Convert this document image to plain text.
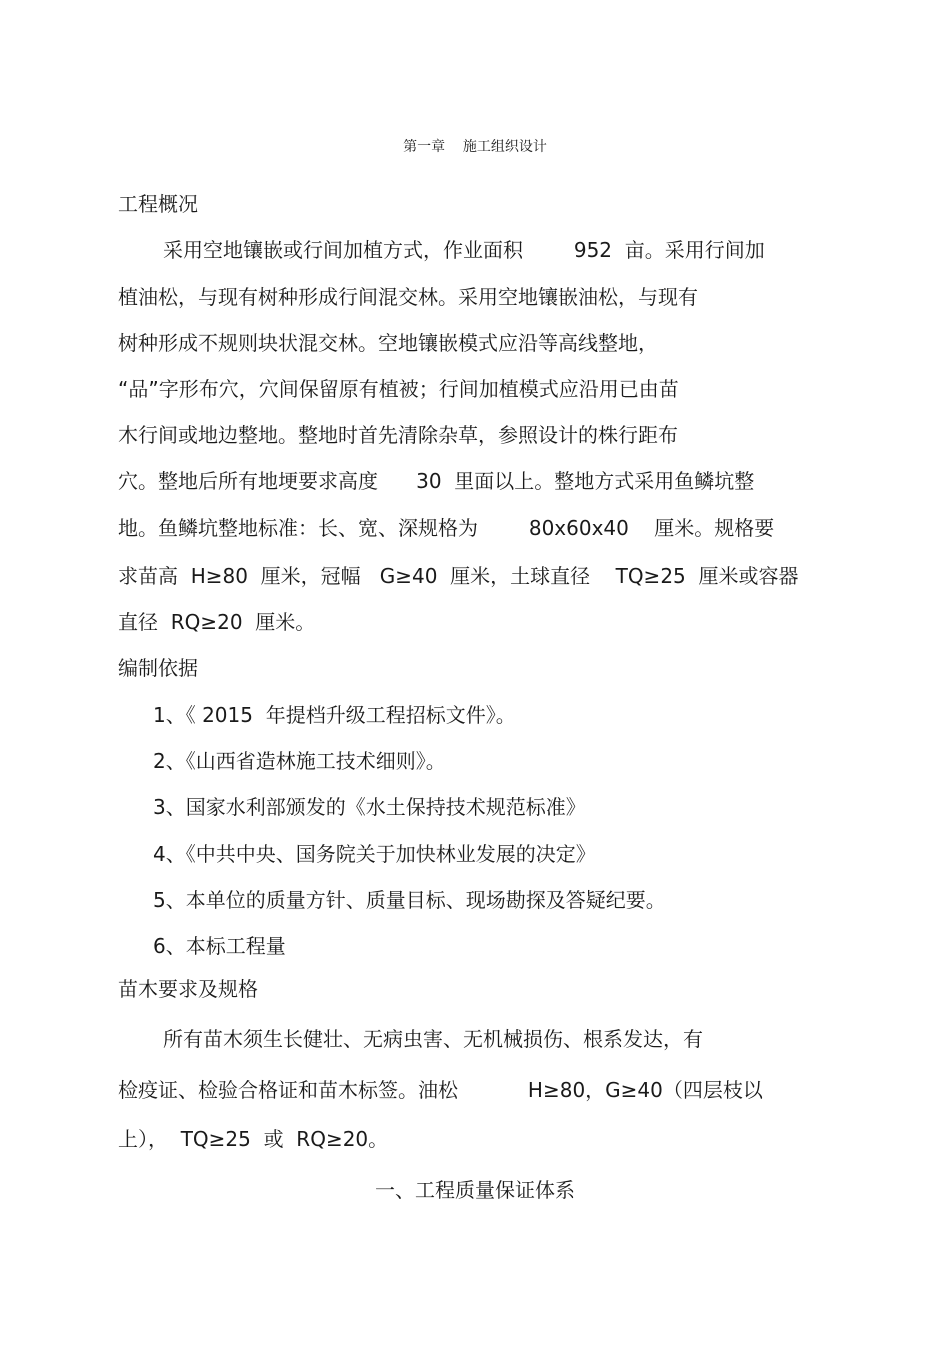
第一章    施工组织设计
工程概况
采用空地镶嵌或行间加植方式，作业面积        952  亩。采用行间加
植油松，与现有树种形成行间混交林。采用空地镶嵌油松，与现有
树种形成不规则块状混交林。空地镶嵌模式应沿等高线整地，
“品”字形布穴，穴间保留原有植被；行间加植模式应沿用已由苗
木行间或地边整地。整地时首先清除杂草，参照设计的株行距布
穴。整地后所有地埂要求高度      30  里面以上。整地方式采用鱼鳞坑整
地。鱼鳞坑整地标准：长、宽、深规格为        80x60x40    厘米。规格要
求苗高  H≥80  厘米，冠幅   G≥40  厘米，土球直径    TQ≥25  厘米或容器
直径  RQ≥20  厘米。
编制依据
1、《 2015  年提档升级工程招标文件》。
2、《山西省造林施工技术细则》。
3、国家水利部颁发的《水土保持技术规范标准》
4、《中共中央、国务院关于加快林业发展的决定》
5、本单位的质量方针、质量目标、现场勘探及答疑纪要。
6、本标工程量
苗木要求及规格
所有苗木须生长健壮、无病虫害、无机械损伤、根系发达，有
检疫证、检验合格证和苗木标签。油松           H≥80，G≥40（四层枝以
上），  TQ≥25  或  RQ≥20。
一、工程质量保证体系
